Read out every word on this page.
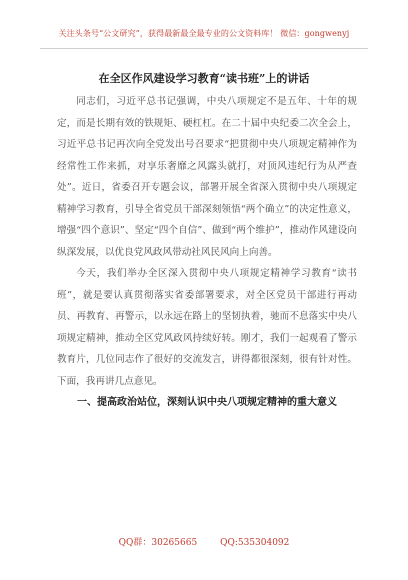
关注头条号“公文研究”，获得最新最全最专业的公文资料库！ 微信：gongwenyj
在全区作风建设学习教育“读书班”上的讲话

同志们，习近平总书记强调，中央八项规定不是五年、十年的规定，而是长期有效的铁规矩、硬杠杠。在二十届中央纪委二次全会上，习近平总书记再次向全党发出号召要求“把贯彻中央八项规定精神作为经常性工作来抓，对享乐奢靡之风露头就打，对顶风违纪行为从严查处”。近日，省委召开专题会议，部署开展全省深入贯彻中央八项规定精神学习教育，引导全省党员干部深刻领悟“两个确立”的决定性意义，增强“四个意识”、坚定“四个自信”、做到“两个维护”，推动作风建设向纵深发展，以优良党风政风带动社风民风向上向善。

今天，我们举办全区深入贯彻中央八项规定精神学习教育“读书班”，就是要认真贯彻落实省委部署要求，对全区党员干部进行再动员、再教育、再警示，以永远在路上的坚韧执着，驰而不息落实中央八项规定精神，推动全区党风政风持续好转。刚才，我们一起观看了警示教育片，几位同志作了很好的交流发言，讲得都很深刻，很有针对性。下面，我再讲几点意见。

一、提高政治站位，深刻认识中央八项规定精神的重大意义

QQ群：30265665	QQ:535304092
